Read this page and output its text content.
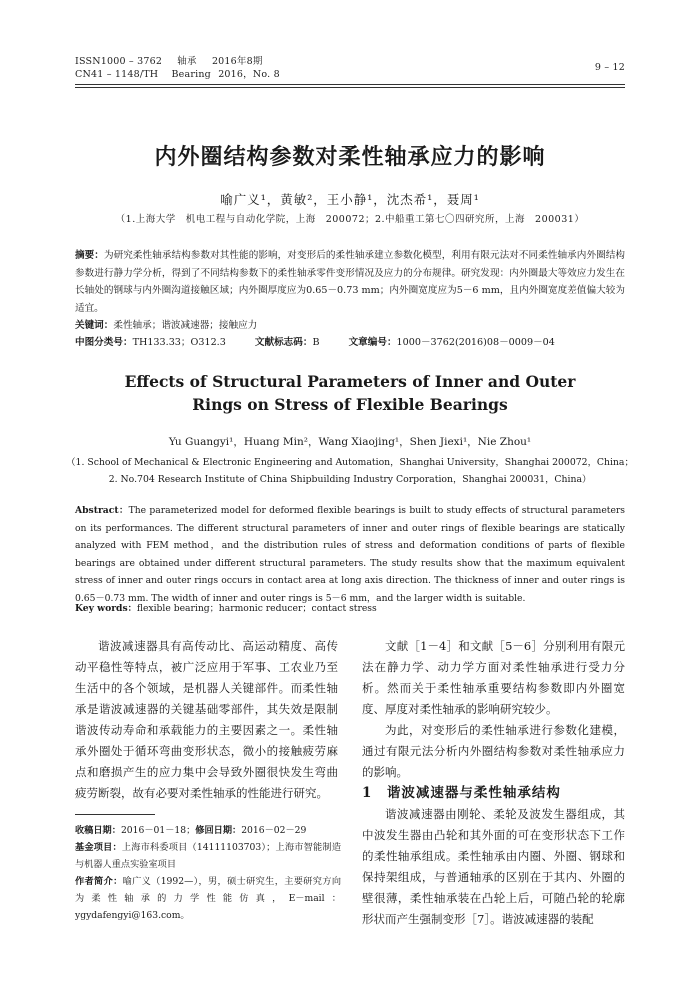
ISSN1000 – 3762 轴承 2016年8期
CN41 – 1148/TH Bearing 2016，No. 8
9 – 12
内外圈结构参数对柔性轴承应力的影响
喻广义¹，黄敏²，王小静¹，沈杰希¹，聂周¹
（1.上海大学　机电工程与自动化学院，上海　200072；2.中船重工第七〇四研究所，上海　200031）
摘要：为研究柔性轴承结构参数对其性能的影响，对变形后的柔性轴承建立参数化模型，利用有限元法对不同柔性轴承内外圈结构参数进行静力学分析，得到了不同结构参数下的柔性轴承零件变形情况及应力的分布规律。研究发现：内外圈最大等效应力发生在长轴处的钢球与内外圈沟道接触区域；内外圈厚度应为0.65－0.73 mm；内外圈宽度应为5－6 mm，且内外圈宽度差值偏大较为适宜。
关键词：柔性轴承；谐波减速器；接触应力
中图分类号：TH133.33；O312.3	文献标志码：B	文章编号：1000－3762(2016)08－0009－04
Effects of Structural Parameters of Inner and Outer Rings on Stress of Flexible Bearings
Yu Guangyi¹，Huang Min²，Wang Xiaojing¹，Shen Jiexi¹，Nie Zhou¹
（1. School of Mechanical & Electronic Engineering and Automation，Shanghai University，Shanghai 200072，China；
2. No.704 Research Institute of China Shipbuilding Industry Corporation，Shanghai 200031，China）
Abstract：The parameterized model for deformed flexible bearings is built to study effects of structural parameters on its performances. The different structural parameters of inner and outer rings of flexible bearings are statically analyzed with FEM method，and the distribution rules of stress and deformation conditions of parts of flexible bearings are obtained under different structural parameters. The study results show that the maximum equivalent stress of inner and outer rings occurs in contact area at long axis direction. The thickness of inner and outer rings is 0.65－0.73 mm. The width of inner and outer rings is 5－6 mm，and the larger width is suitable.
Key words：flexible bearing；harmonic reducer；contact stress

谐波减速器具有高传动比、高运动精度、高传动平稳性等特点，被广泛应用于军事、工农业乃至生活中的各个领域，是机器人关键部件。而柔性轴承是谐波减速器的关键基础零部件，其失效是限制谐波传动寿命和承载能力的主要因素之一。柔性轴承外圈处于循环弯曲变形状态，微小的接触疲劳麻点和磨损产生的应力集中会导致外圈很快发生弯曲疲劳断裂，故有必要对柔性轴承的性能进行研究。

收稿日期：2016－01－18；修回日期：2016－02－29
基金项目：上海市科委项目（14111103703）；上海市智能制造与机器人重点实验室项目
作者简介：喻广义（1992—），男，硕士研究生，主要研究方向为柔性轴承的力学性能仿真，E－mail：ygydafengyi@163.com。

文献［1－4］和文献［5－6］分别利用有限元法在静力学、动力学方面对柔性轴承进行受力分析。然而关于柔性轴承重要结构参数即内外圈宽度、厚度对柔性轴承的影响研究较少。

为此，对变形后的柔性轴承进行参数化建模，通过有限元法分析内外圈结构参数对柔性轴承应力的影响。

1　谐波减速器与柔性轴承结构

谐波减速器由刚轮、柔轮及波发生器组成，其中波发生器由凸轮和其外面的可在变形状态下工作的柔性轴承组成。柔性轴承由内圈、外圈、钢球和保持架组成，与普通轴承的区别在于其内、外圈的壁很薄，柔性轴承装在凸轮上后，可随凸轮的轮廓形状而产生强制变形［7］。谐波减速器的装配
